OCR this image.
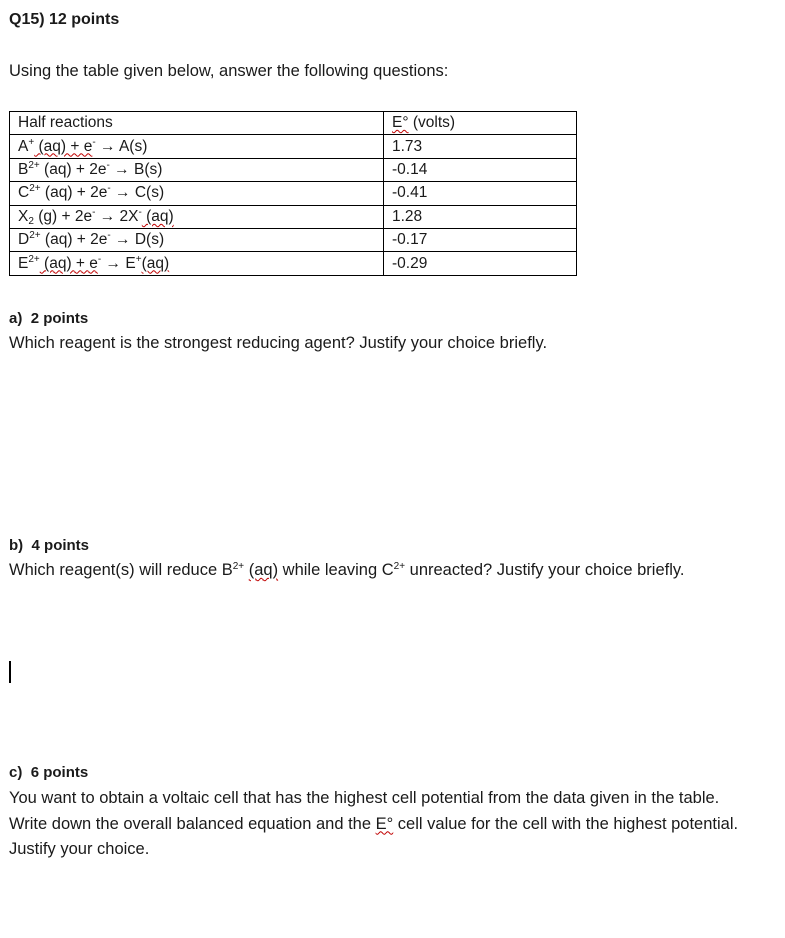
Q15) 12 points
Using the table given below, answer the following questions:
Half reactions	E° (volts)
A+ (aq) + e- → A(s)	1.73
$B^{2+}$ (aq) + 2e- → B(s)	-0.14
$C^{2+}$ (aq) + 2e- → C(s)	-0.41
$X_2$ (g) + 2e- → 2X- (aq)	1.28
$D^{2+}$ (aq) + 2e- → D(s)	-0.17
$E^{2+}$ (aq) + e- → E+(aq)	-0.29
a) 2 points
Which reagent is the strongest reducing agent? Justify your choice briefly.
b) 4 points
Which reagent(s) will reduce $B^{2+}$ (aq) while leaving $C^{2+}$ unreacted? Justify your choice briefly.
c) 6 points
You want to obtain a voltaic cell that has the highest cell potential from the data given in the table. Write down the overall balanced equation and the E° cell value for the cell with the highest potential. Justify your choice.
